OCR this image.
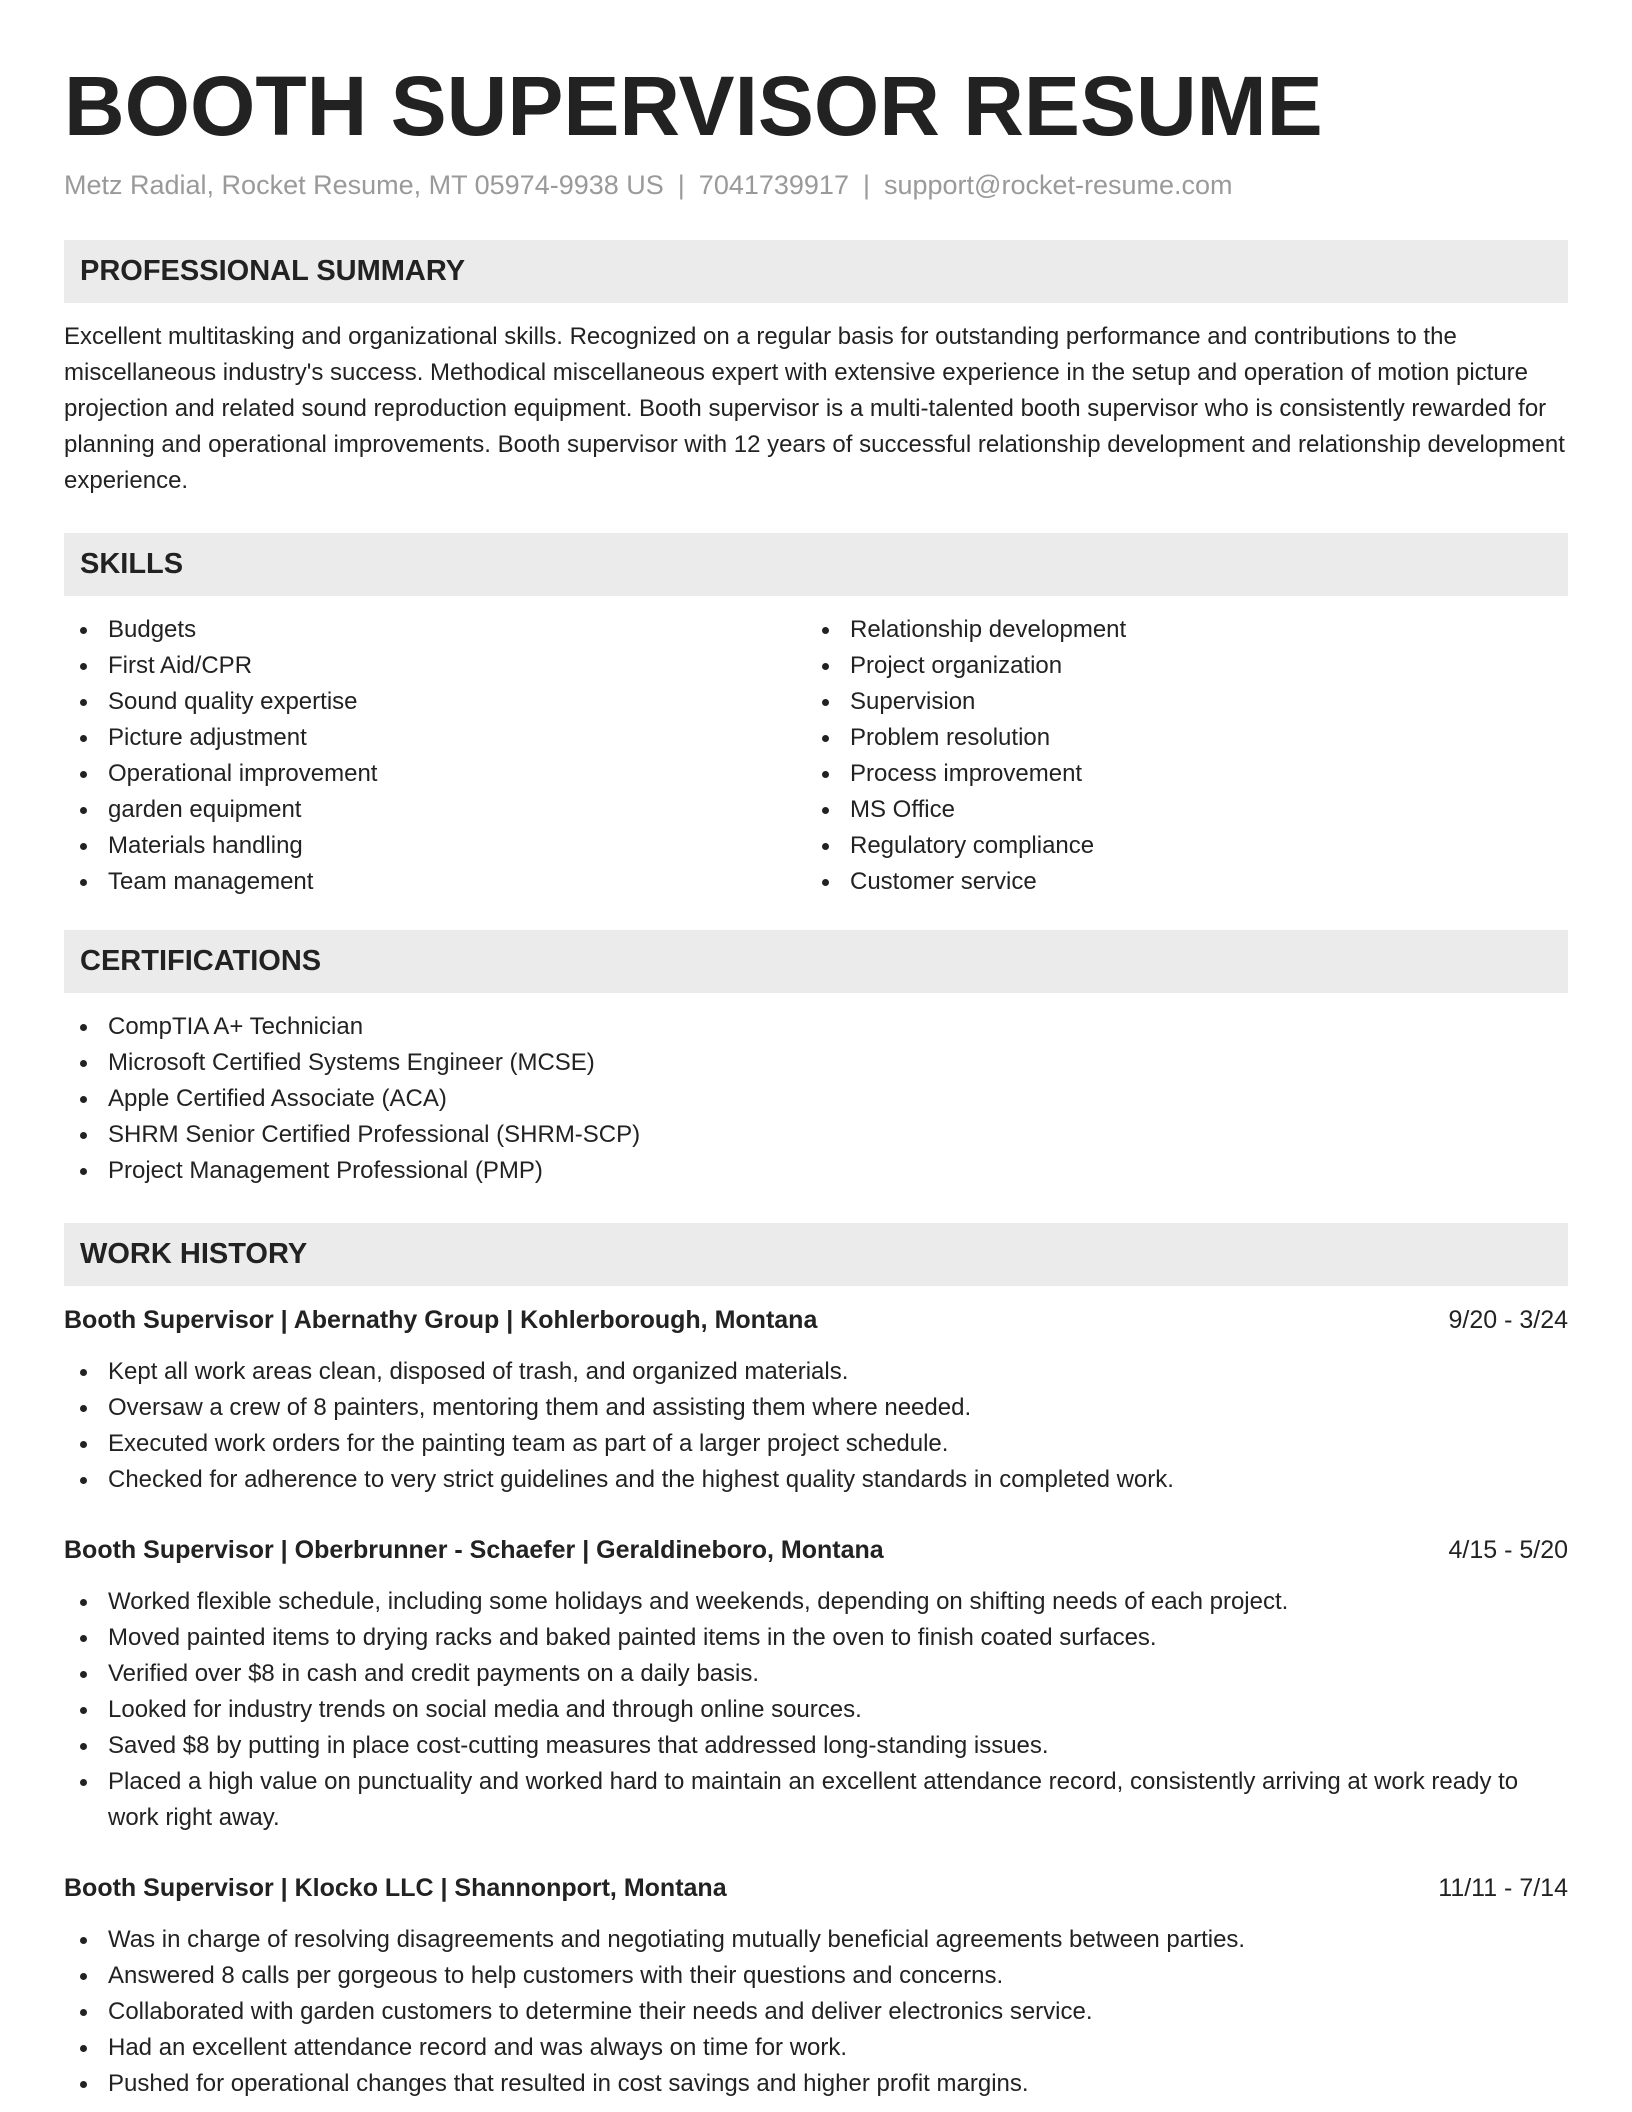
BOOTH SUPERVISOR RESUME
Metz Radial, Rocket Resume, MT 05974-9938 US | 7041739917 | support@rocket-resume.com
PROFESSIONAL SUMMARY

Excellent multitasking and organizational skills. Recognized on a regular basis for outstanding performance and contributions to the miscellaneous industry's success. Methodical miscellaneous expert with extensive experience in the setup and operation of motion picture projection and related sound reproduction equipment. Booth supervisor is a multi-talented booth supervisor who is consistently rewarded for planning and operational improvements. Booth supervisor with 12 years of successful relationship development and relationship development experience.

SKILLS
Budgets
First Aid/CPR
Sound quality expertise
Picture adjustment
Operational improvement
garden equipment
Materials handling
Team management
Relationship development
Project organization
Supervision
Problem resolution
Process improvement
MS Office
Regulatory compliance
Customer service
CERTIFICATIONS
CompTIA A+ Technician
Microsoft Certified Systems Engineer (MCSE)
Apple Certified Associate (ACA)
SHRM Senior Certified Professional (SHRM-SCP)
Project Management Professional (PMP)
WORK HISTORY
Booth Supervisor | Abernathy Group | Kohlerborough, Montana	9/20 - 3/24
Kept all work areas clean, disposed of trash, and organized materials.
Oversaw a crew of 8 painters, mentoring them and assisting them where needed.
Executed work orders for the painting team as part of a larger project schedule.
Checked for adherence to very strict guidelines and the highest quality standards in completed work.
Booth Supervisor | Oberbrunner - Schaefer | Geraldineboro, Montana	4/15 - 5/20
Worked flexible schedule, including some holidays and weekends, depending on shifting needs of each project.
Moved painted items to drying racks and baked painted items in the oven to finish coated surfaces.
Verified over $8 in cash and credit payments on a daily basis.
Looked for industry trends on social media and through online sources.
Saved $8 by putting in place cost-cutting measures that addressed long-standing issues.
Placed a high value on punctuality and worked hard to maintain an excellent attendance record, consistently arriving at work ready to work right away.
Booth Supervisor | Klocko LLC | Shannonport, Montana	11/11 - 7/14
Was in charge of resolving disagreements and negotiating mutually beneficial agreements between parties.
Answered 8 calls per gorgeous to help customers with their questions and concerns.
Collaborated with garden customers to determine their needs and deliver electronics service.
Had an excellent attendance record and was always on time for work.
Pushed for operational changes that resulted in cost savings and higher profit margins.
